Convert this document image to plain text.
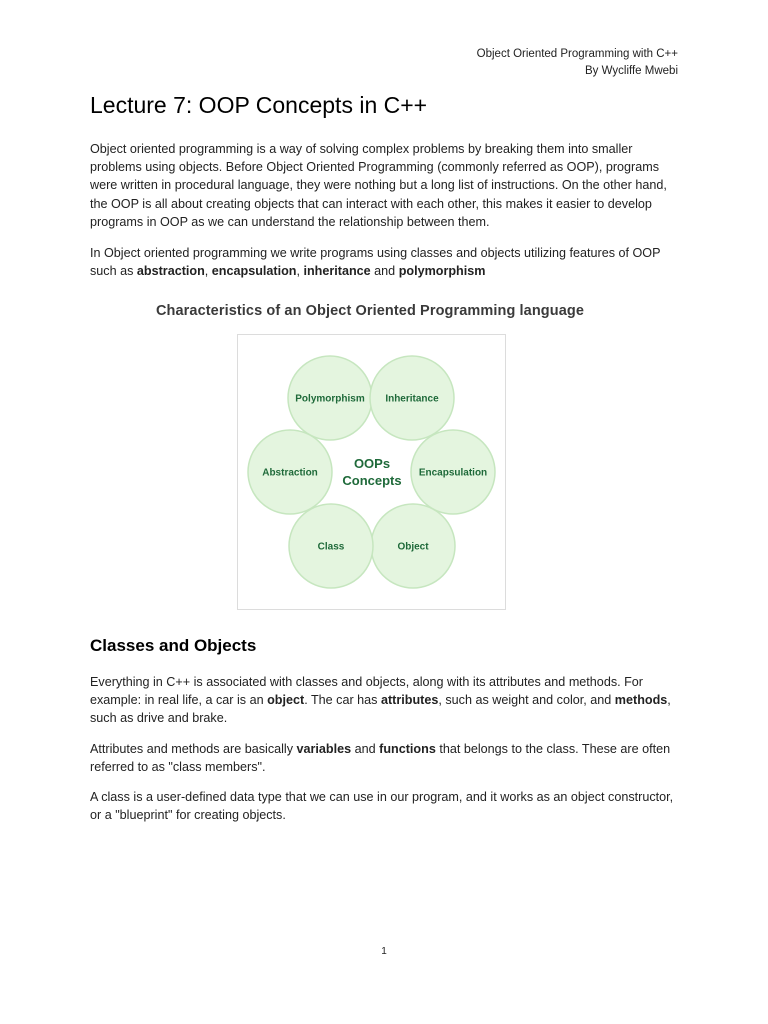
Object Oriented Programming with C++
By Wycliffe Mwebi
Lecture 7: OOP Concepts in C++

Object oriented programming is a way of solving complex problems by breaking them into smaller problems using objects. Before Object Oriented Programming (commonly referred as OOP), programs were written in procedural language, they were nothing but a long list of instructions. On the other hand, the OOP is all about creating objects that can interact with each other, this makes it easier to develop programs in OOP as we can understand the relationship between them.

In Object oriented programming we write programs using classes and objects utilizing features of OOP such as abstraction, encapsulation, inheritance and polymorphism

Characteristics of an Object Oriented Programming language
Polymorphism Inheritance
Encapsulation
Object
Class
Abstraction
OOPs
Concepts
Classes and Objects

Everything in C++ is associated with classes and objects, along with its attributes and methods. For example: in real life, a car is an object. The car has attributes, such as weight and color, and methods, such as drive and brake.

Attributes and methods are basically variables and functions that belongs to the class. These are often referred to as "class members".

A class is a user-defined data type that we can use in our program, and it works as an object constructor, or a "blueprint" for creating objects.

1
